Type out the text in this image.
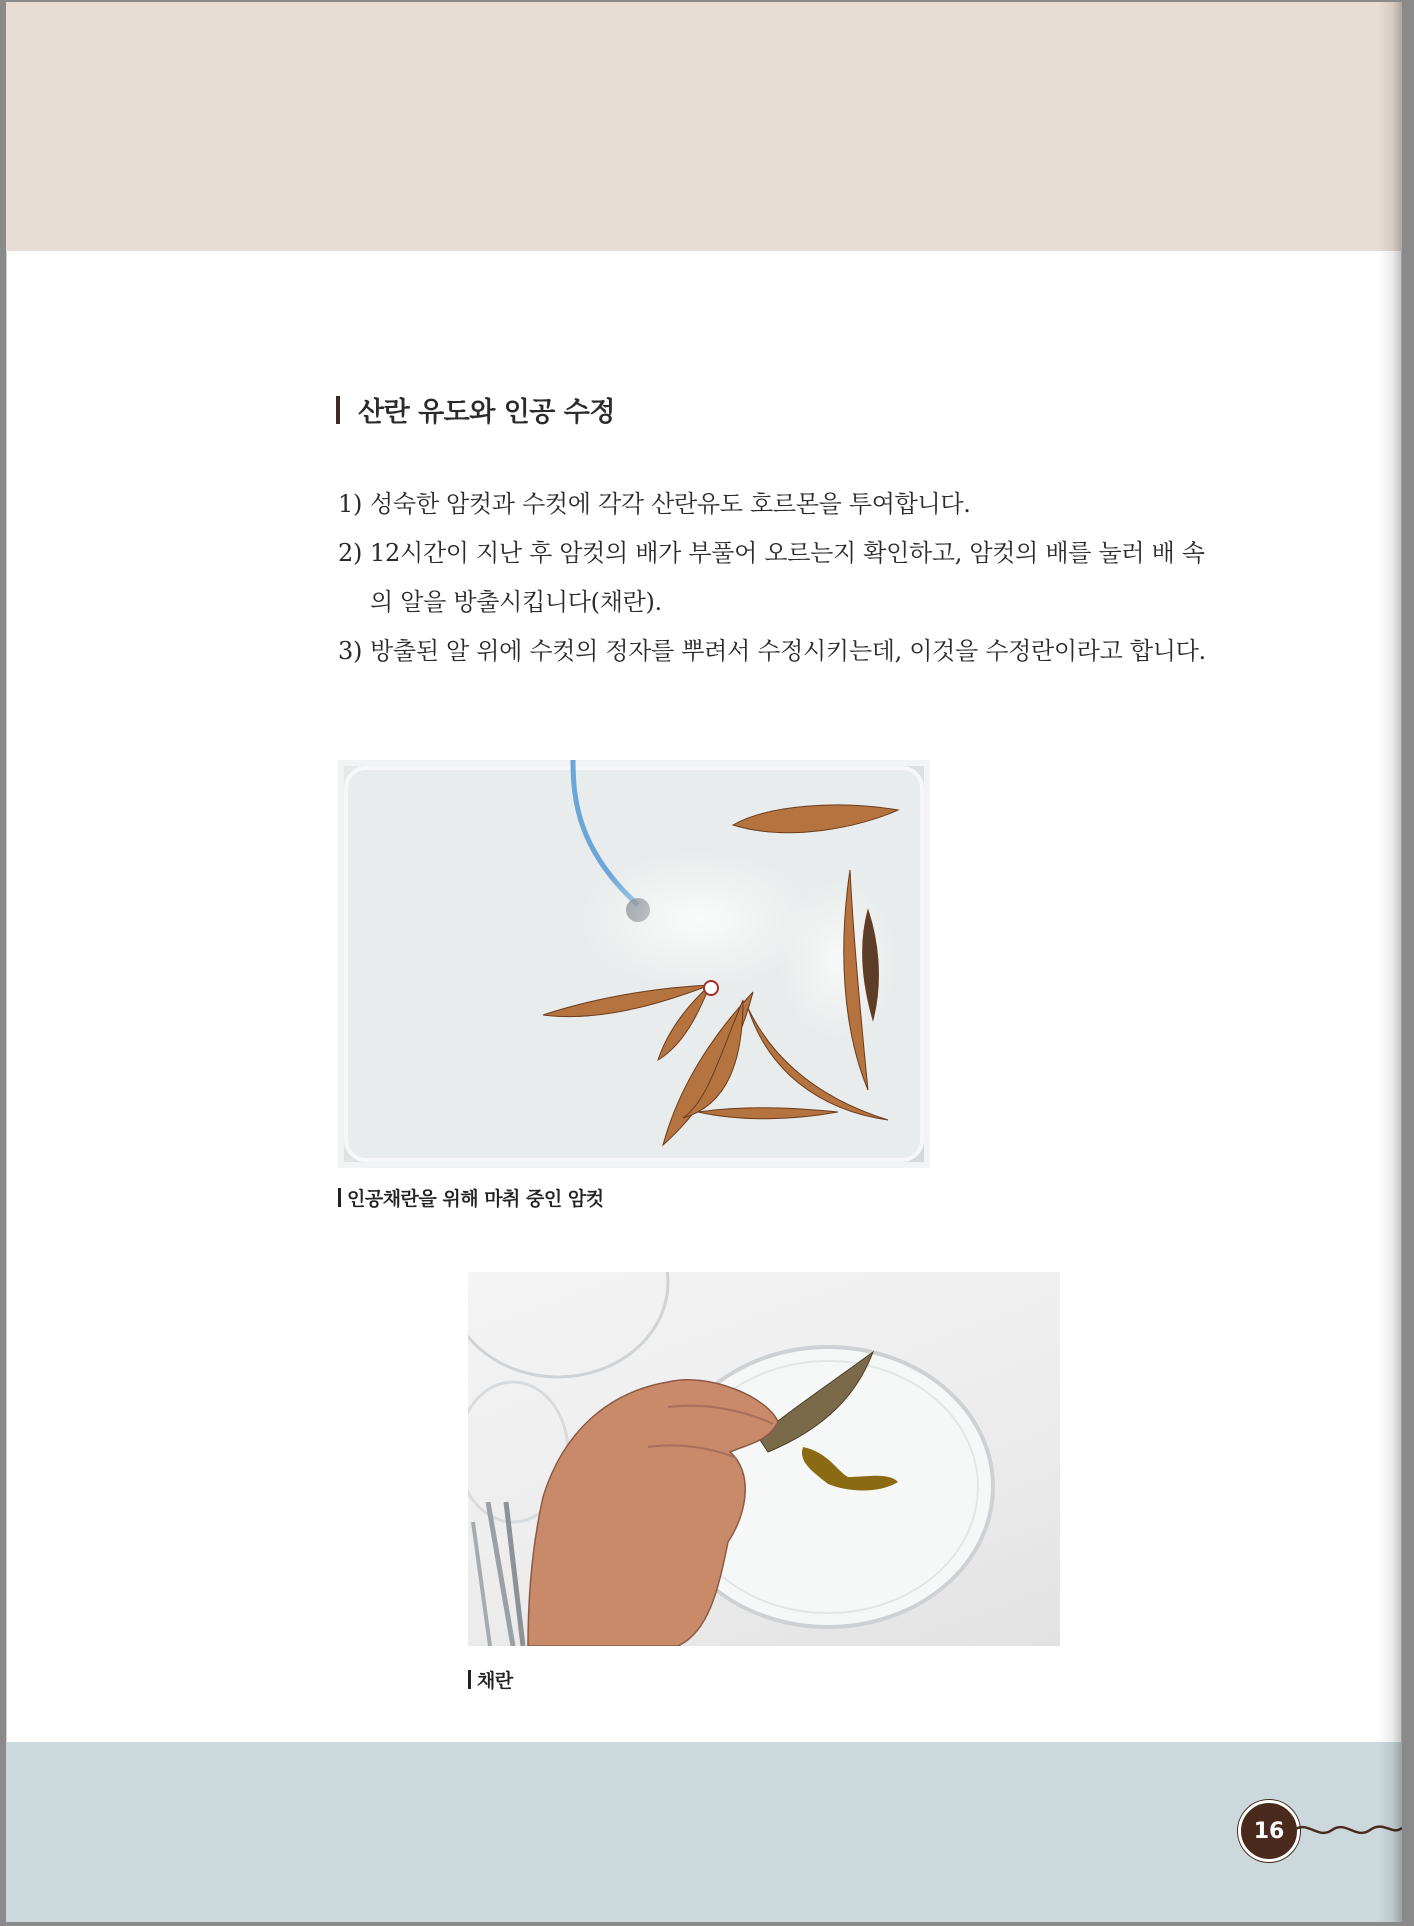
산란 유도와 인공 수정
1) 성숙한 암컷과 수컷에 각각 산란유도 호르몬을 투여합니다.
2) 12시간이 지난 후 암컷의 배가 부풀어 오르는지 확인하고, 암컷의 배를 눌러 배 속의 알을 방출시킵니다(채란).
3) 방출된 알 위에 수컷의 정자를 뿌려서 수정시키는데, 이것을 수정란이라고 합니다.
인공채란을 위해 마취 중인 암컷
채란
16
